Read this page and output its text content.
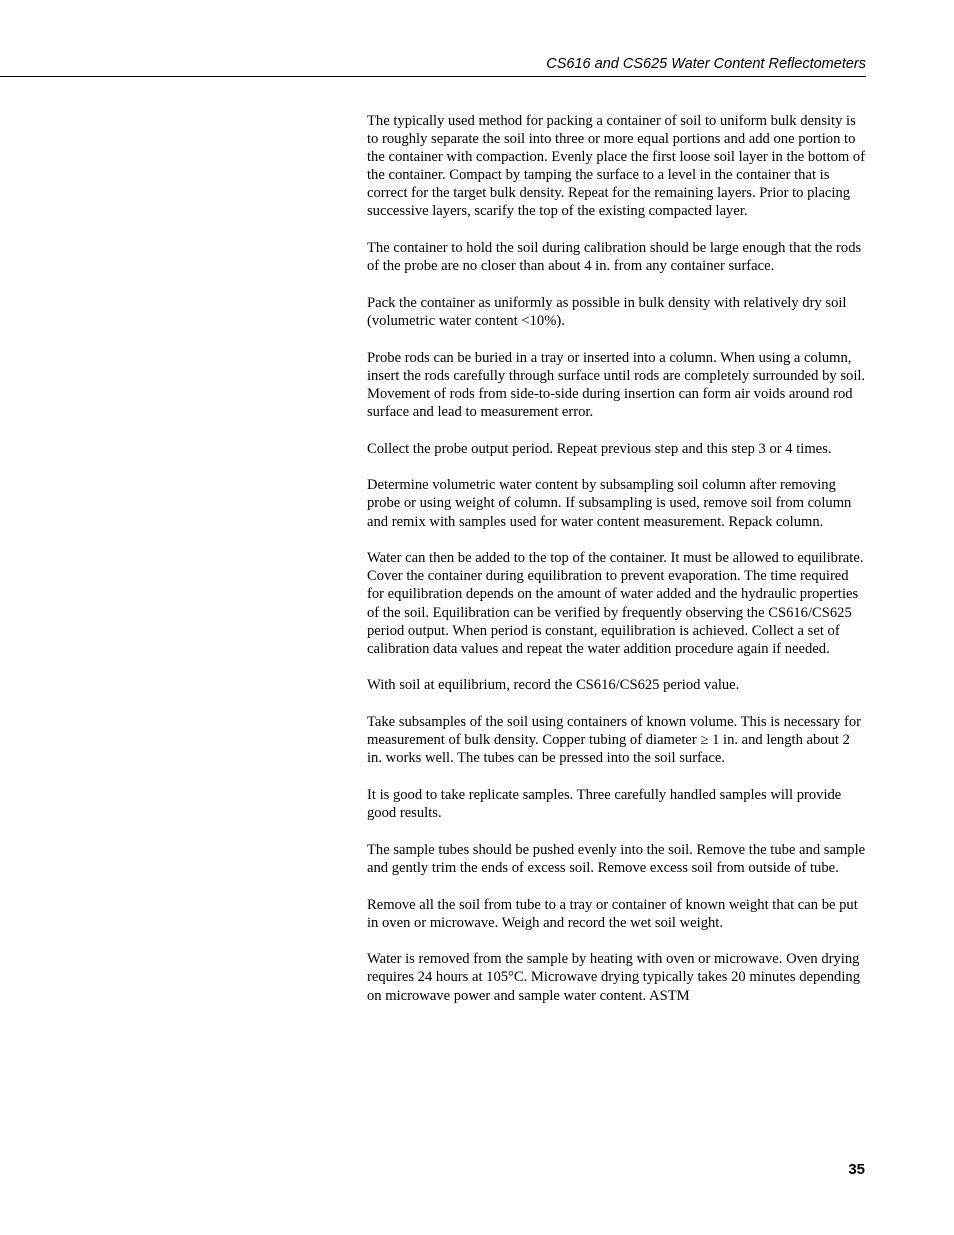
CS616 and CS625 Water Content Reflectometers

The typically used method for packing a container of soil to uniform bulk density is to roughly separate the soil into three or more equal portions and add one portion to the container with compaction. Evenly place the first loose soil layer in the bottom of the container. Compact by tamping the surface to a level in the container that is correct for the target bulk density. Repeat for the remaining layers. Prior to placing successive layers, scarify the top of the existing compacted layer.

The container to hold the soil during calibration should be large enough that the rods of the probe are no closer than about 4 in. from any container surface.

Pack the container as uniformly as possible in bulk density with relatively dry soil (volumetric water content <10%).

Probe rods can be buried in a tray or inserted into a column. When using a column, insert the rods carefully through surface until rods are completely surrounded by soil. Movement of rods from side-to-side during insertion can form air voids around rod surface and lead to measurement error.

Collect the probe output period. Repeat previous step and this step 3 or 4 times.

Determine volumetric water content by subsampling soil column after removing probe or using weight of column. If subsampling is used, remove soil from column and remix with samples used for water content measurement. Repack column.

Water can then be added to the top of the container. It must be allowed to equilibrate. Cover the container during equilibration to prevent evaporation. The time required for equilibration depends on the amount of water added and the hydraulic properties of the soil. Equilibration can be verified by frequently observing the CS616/CS625 period output. When period is constant, equilibration is achieved. Collect a set of calibration data values and repeat the water addition procedure again if needed.

With soil at equilibrium, record the CS616/CS625 period value.

Take subsamples of the soil using containers of known volume. This is necessary for measurement of bulk density. Copper tubing of diameter ≥ 1 in. and length about 2 in. works well. The tubes can be pressed into the soil surface.

It is good to take replicate samples. Three carefully handled samples will provide good results.

The sample tubes should be pushed evenly into the soil. Remove the tube and sample and gently trim the ends of excess soil. Remove excess soil from outside of tube.

Remove all the soil from tube to a tray or container of known weight that can be put in oven or microwave. Weigh and record the wet soil weight.

Water is removed from the sample by heating with oven or microwave. Oven drying requires 24 hours at 105°C. Microwave drying typically takes 20 minutes depending on microwave power and sample water content. ASTM

35
